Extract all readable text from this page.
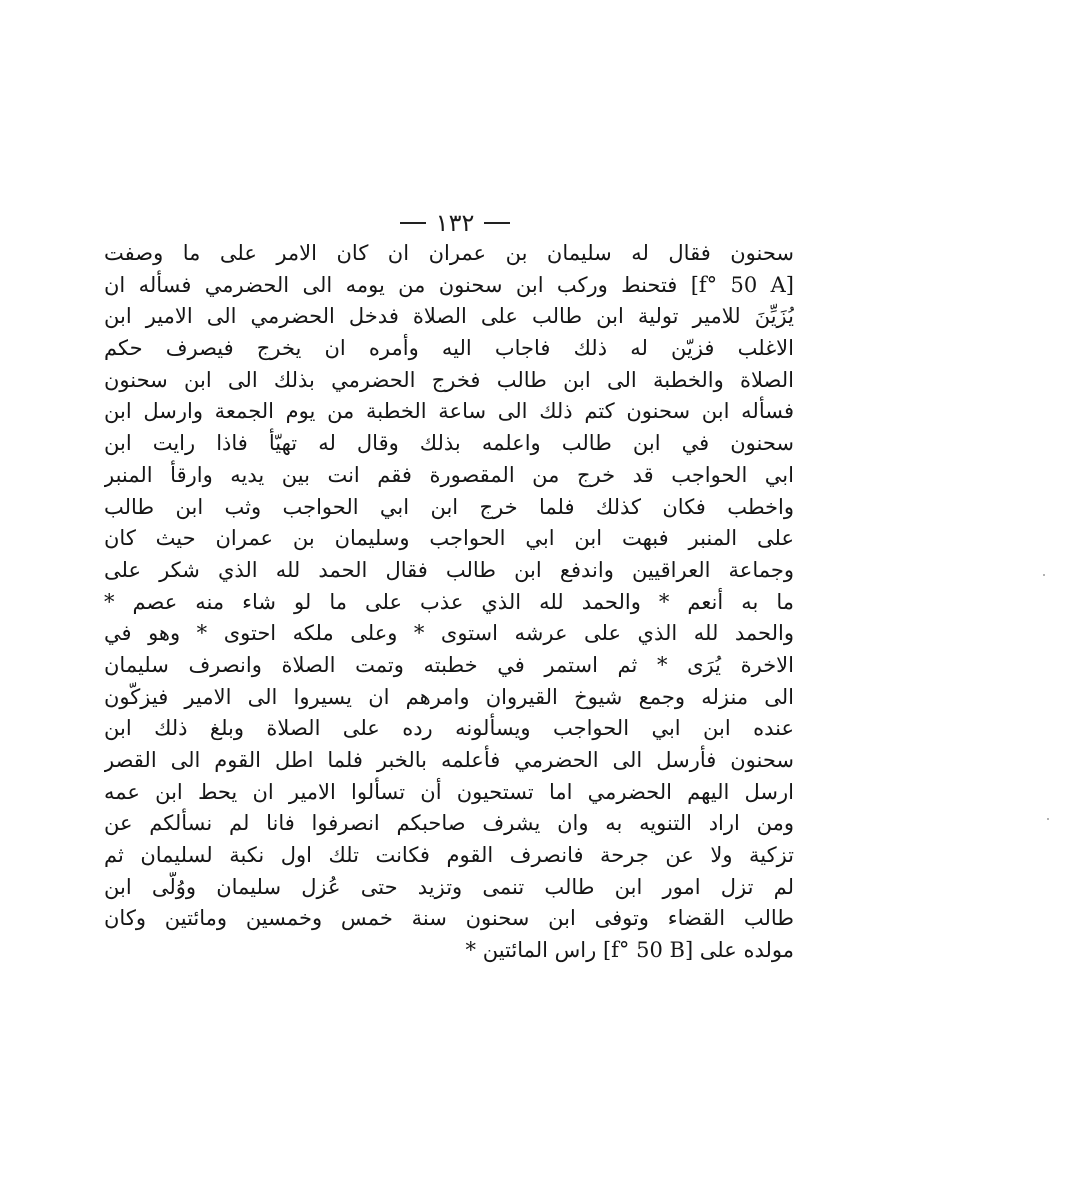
١٣٢
سحنون فقال له سليمان بن عمران ان كان الامر على ما وصفت
[f° 50 A] فتحنط وركب ابن سحنون من يومه الى الحضرمي فسأله ان
يُزَيِّنَ للامير تولية ابن طالب على الصلاة فدخل الحضرمي الى الامير ابن
الاغلب فزيّن له ذلك فاجاب اليه وأمره ان يخرج فيصرف حكم
الصلاة والخطبة الى ابن طالب فخرج الحضرمي بذلك الى ابن سحنون
فسأله ابن سحنون كتم ذلك الى ساعة الخطبة من يوم الجمعة وارسل ابن
سحنون في ابن طالب واعلمه بذلك وقال له تهيّأ فاذا رايت ابن
ابي الحواجب قد خرج من المقصورة فقم انت بين يديه وارقأ المنبر
واخطب فكان كذلك فلما خرج ابن ابي الحواجب وثب ابن طالب
على المنبر فبهت ابن ابي الحواجب وسليمان بن عمران حيث كان
وجماعة العراقيين واندفع ابن طالب فقال الحمد لله الذي شكر على
ما به أنعم * والحمد لله الذي عذب على ما لو شاء منه عصم *
والحمد لله الذي على عرشه استوى * وعلى ملكه احتوى * وهو في
الاخرة يُرَى * ثم استمر في خطبته وتمت الصلاة وانصرف سليمان
الى منزله وجمع شيوخ القيروان وامرهم ان يسيروا الى الامير فيزكّون
عنده ابن ابي الحواجب ويسألونه رده على الصلاة وبلغ ذلك ابن
سحنون فأرسل الى الحضرمي فأعلمه بالخبر فلما اطل القوم الى القصر
ارسل اليهم الحضرمي اما تستحيون أن تسألوا الامير ان يحط ابن عمه
ومن اراد التنويه به وان يشرف صاحبكم انصرفوا فانا لم نسألكم عن
تزكية ولا عن جرحة فانصرف القوم فكانت تلك اول نكبة لسليمان ثم
لم تزل امور ابن طالب تنمى وتزيد حتى عُزل سليمان ووُلّى ابن
طالب القضاء وتوفى ابن سحنون سنة خمس وخمسين ومائتين وكان
مولده على [f° 50 B] راس المائتين *
